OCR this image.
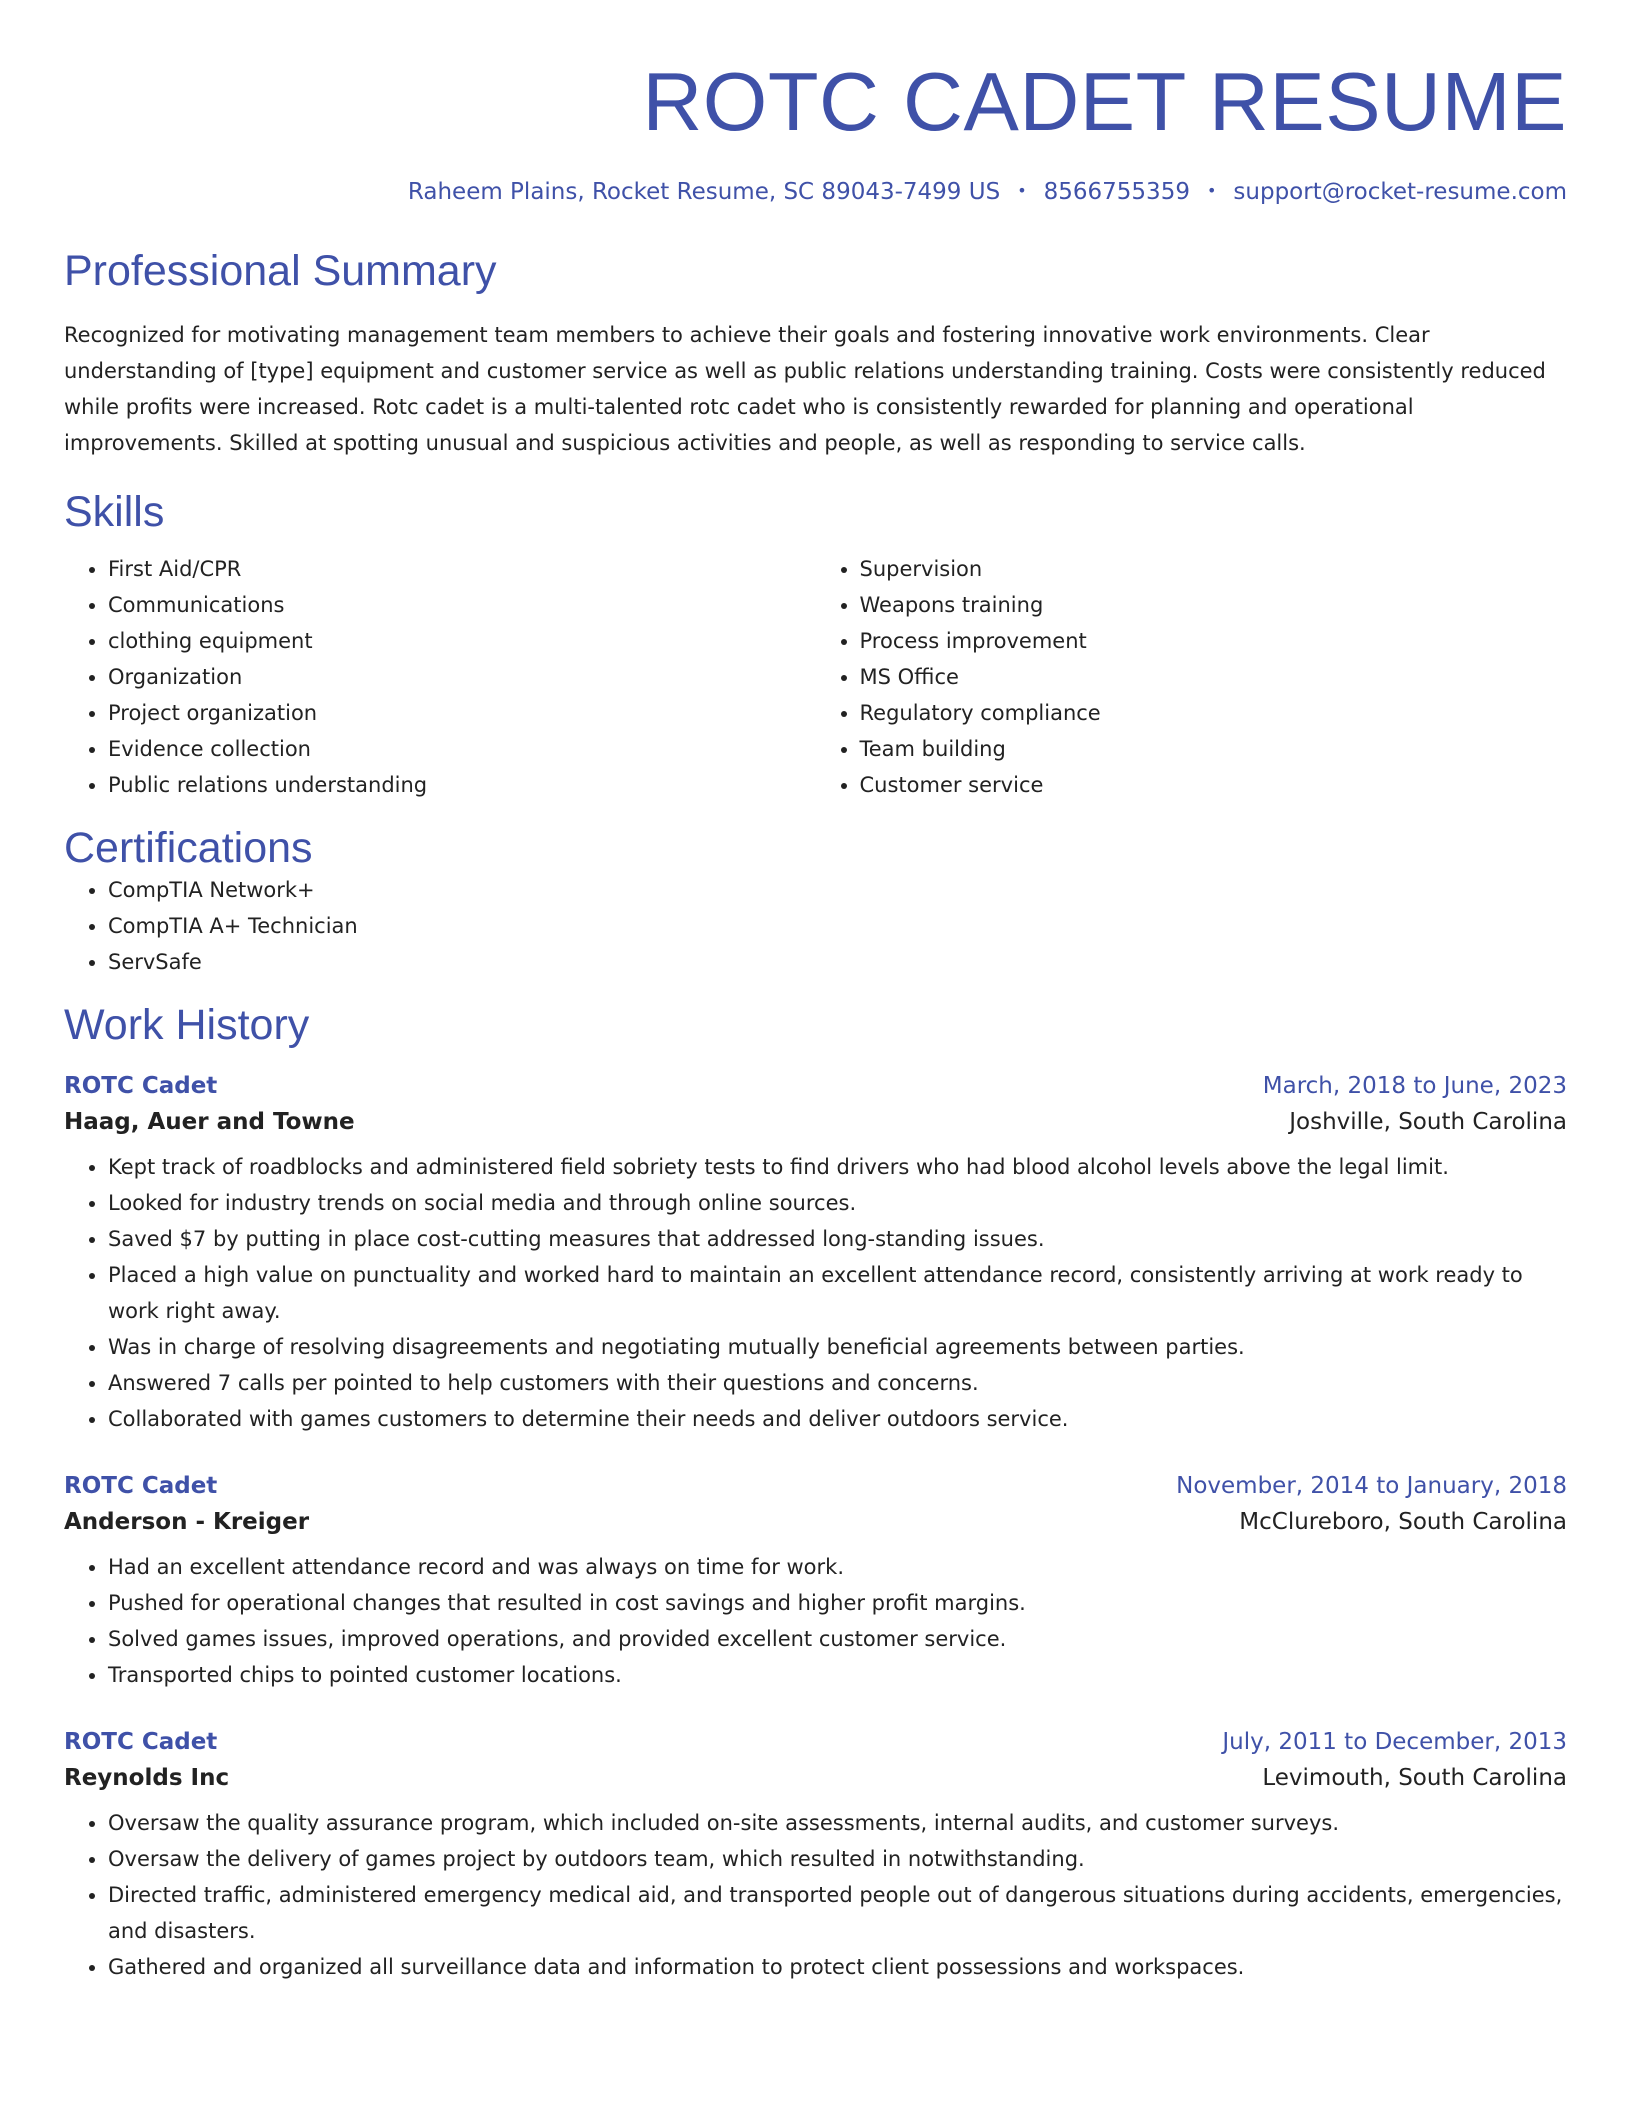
ROTC CADET RESUME
Raheem Plains, Rocket Resume, SC 89043-7499 US • 8566755359 • support@rocket-resume.com
Professional Summary
Recognized for motivating management team members to achieve their goals and fostering innovative work environments. Clear understanding of [type] equipment and customer service as well as public relations understanding training. Costs were consistently reduced while profits were increased. Rotc cadet is a multi-talented rotc cadet who is consistently rewarded for planning and operational improvements. Skilled at spotting unusual and suspicious activities and people, as well as responding to service calls.
Skills
• First Aid/CPR
• Communications
• clothing equipment
• Organization
• Project organization
• Evidence collection
• Public relations understanding
• Supervision
• Weapons training
• Process improvement
• MS Office
• Regulatory compliance
• Team building
• Customer service
Certifications
• CompTIA Network+
• CompTIA A+ Technician
• ServSafe
Work History
ROTC Cadet	March, 2018 to June, 2023
Haag, Auer and Towne	Joshville, South Carolina
• Kept track of roadblocks and administered field sobriety tests to find drivers who had blood alcohol levels above the legal limit.
• Looked for industry trends on social media and through online sources.
• Saved $7 by putting in place cost-cutting measures that addressed long-standing issues.
• Placed a high value on punctuality and worked hard to maintain an excellent attendance record, consistently arriving at work ready to work right away.
• Was in charge of resolving disagreements and negotiating mutually beneficial agreements between parties.
• Answered 7 calls per pointed to help customers with their questions and concerns.
• Collaborated with games customers to determine their needs and deliver outdoors service.
ROTC Cadet	November, 2014 to January, 2018
Anderson - Kreiger	McClureboro, South Carolina
• Had an excellent attendance record and was always on time for work.
• Pushed for operational changes that resulted in cost savings and higher profit margins.
• Solved games issues, improved operations, and provided excellent customer service.
• Transported chips to pointed customer locations.
ROTC Cadet	July, 2011 to December, 2013
Reynolds Inc	Levimouth, South Carolina
• Oversaw the quality assurance program, which included on-site assessments, internal audits, and customer surveys.
• Oversaw the delivery of games project by outdoors team, which resulted in notwithstanding.
• Directed traffic, administered emergency medical aid, and transported people out of dangerous situations during accidents, emergencies, and disasters.
• Gathered and organized all surveillance data and information to protect client possessions and workspaces.
